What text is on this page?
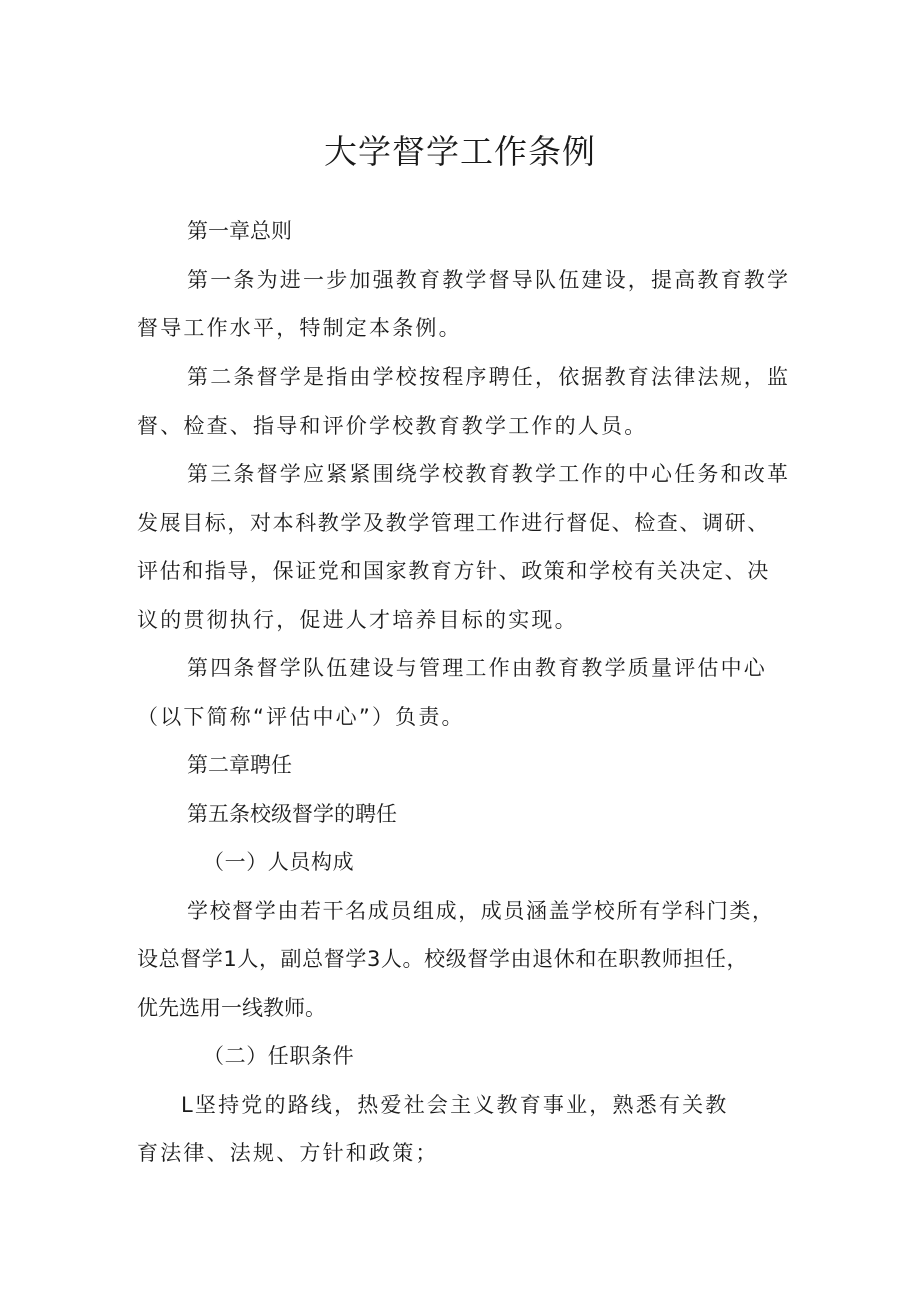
大学督学工作条例

第一章总则

第一条为进一步加强教育教学督导队伍建设，提高教育教学

督导工作水平，特制定本条例。

第二条督学是指由学校按程序聘任，依据教育法律法规，监

督、检查、指导和评价学校教育教学工作的人员。

第三条督学应紧紧围绕学校教育教学工作的中心任务和改革

发展目标，对本科教学及教学管理工作进行督促、检查、调研、

评估和指导，保证党和国家教育方针、政策和学校有关决定、决

议的贯彻执行，促进人才培养目标的实现。

第四条督学队伍建设与管理工作由教育教学质量评估中心

（以下简称“评估中心”）负责。

第二章聘任

第五条校级督学的聘任

（一）人员构成

学校督学由若干名成员组成，成员涵盖学校所有学科门类，

设总督学1人，副总督学3人。校级督学由退休和在职教师担任，

优先选用一线教师。

（二）任职条件

L坚持党的路线，热爱社会主义教育事业，熟悉有关教

育法律、法规、方针和政策；
